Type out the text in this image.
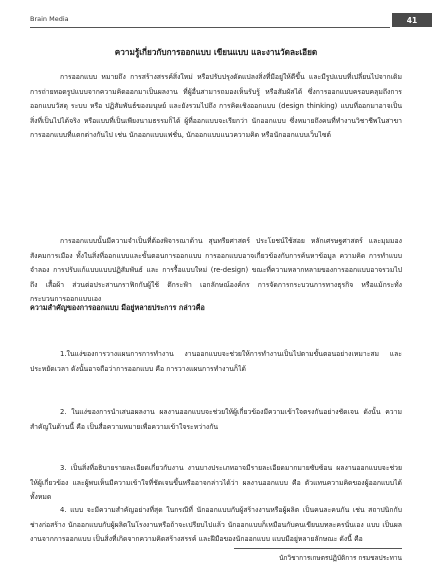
Brain Media	41
ความรู้เกี่ยวกับการออกแบบ เขียนแบบ และงานวัดละเอียด

การออกแบบ หมายถึง การสร้างสรรค์สิ่งใหม่ หรือปรับปรุงดัดแปลงสิ่งที่มีอยู่ให้ดีขึ้น และมีรูปแบบที่เปลี่ยนไปจากเดิม การถ่ายทอดรูปแบบจากความคิดออกมาเป็นผลงาน ที่ผู้อื่นสามารถมองเห็นรับรู้ หรือสัมผัสได้ ซึ่งการออกแบบครอบคลุมถึงการออกแบบวัสดุ ระบบ หรือ ปฏิสัมพันธ์ของมนุษย์ และยังรวมไปถึง การคิดเชิงออกแบบ (design thinking) แบบที่ออกมาอาจเป็นสิ่งที่เป็นไปได้จริง หรือแบบที่เป็นเพียงนามธรรมก็ได้ ผู้ที่ออกแบบจะเรียกว่า นักออกแบบ ซึ่งหมายถึงคนที่ทำงานวิชาชีพในสาขาการออกแบบที่แตกต่างกันไป เช่น นักออกแบบแฟชั่น, นักออกแบบแนวความคิด หรือนักออกแบบเว็บไซต์

การออกแบบนั้นมีความจำเป็นที่ต้องพิจารณาด้าน สุนทรียศาสตร์ ประโยชน์ใช้สอย หลักเศรษฐศาสตร์ และมุมมองสังคมการเมือง ทั้งในสิ่งที่ออกแบบและขั้นตอนการออกแบบ การออกแบบอาจเกี่ยวข้องกับการค้นหาข้อมูล ความคิด การทำแบบจำลอง การปรับแก้แบบแบบปฏิสัมพันธ์ และ การรื้อแบบใหม่ (re-design) ขณะที่ความหลากหลายของการออกแบบอาจรวมไปถึง เสื้อผ้า ส่วนต่อประสานกราฟิกกับผู้ใช้ ตึกระฟ้า เอกลักษณ์องค์กร การจัดการกระบวนการทางธุรกิจ หรือแม้กระทั่งกระบวนการออกแบบเอง

ความสำคัญของการออกแบบ มีอยู่หลายประการ กล่าวคือ

1.ในแง่ของการวางแผนการการทำงาน งานออกแบบจะช่วยให้การทำงานเป็นไปตามขั้นตอนอย่างเหมาะสม และประหยัดเวลา ดังนั้นอาจถือว่าการออกแบบ คือ การวางแผนการทำงานก็ได้

2. ในแง่ของการนำเสนอผลงาน ผลงานออกแบบจะช่วยให้ผู้เกี่ยวข้องมีความเข้าใจตรงกันอย่างชัดเจน ดังนั้น ความสำคัญในด้านนี้ คือ เป็นสื่อความหมายเพื่อความเข้าใจระหว่างกัน

3. เป็นสิ่งที่อธิบายรายละเอียดเกี่ยวกับงาน งานบางประเภทอาจมีรายละเอียดมากมายซับซ้อน ผลงานออกแบบจะช่วยให้ผู้เกี่ยวข้อง และผู้พบเห็นมีความเข้าใจที่ชัดเจนขึ้นหรืออาจกล่าวได้ว่า ผลงานออกแบบ คือ ตัวแทนความคิดของผู้ออกแบบได้ทั้งหมด

4. แบบ จะมีความสำคัญอย่างที่สุด ในกรณีที่ นักออกแบบกับผู้สร้างงานหรือผู้ผลิต เป็นคนละคนกัน เช่น สถาปนิกกับช่างก่อสร้าง นักออกแบบกับผู้ผลิตในโรงงานหรือถ้าจะเปรียบไปแล้ว นักออกแบบก็เหมือนกับคนเขียนบทละครนั่นเอง แบบ เป็นผลงานจากการออกแบบ เป็นสิ่งที่เกิดจากความคิดสร้างสรรค์ และฝีมือของนักออกแบบ แบบมีอยู่หลายลักษณะ ดังนี้ คือ

นักวิชาการเกษตรปฏิบัติการ กรมชลประทาน
